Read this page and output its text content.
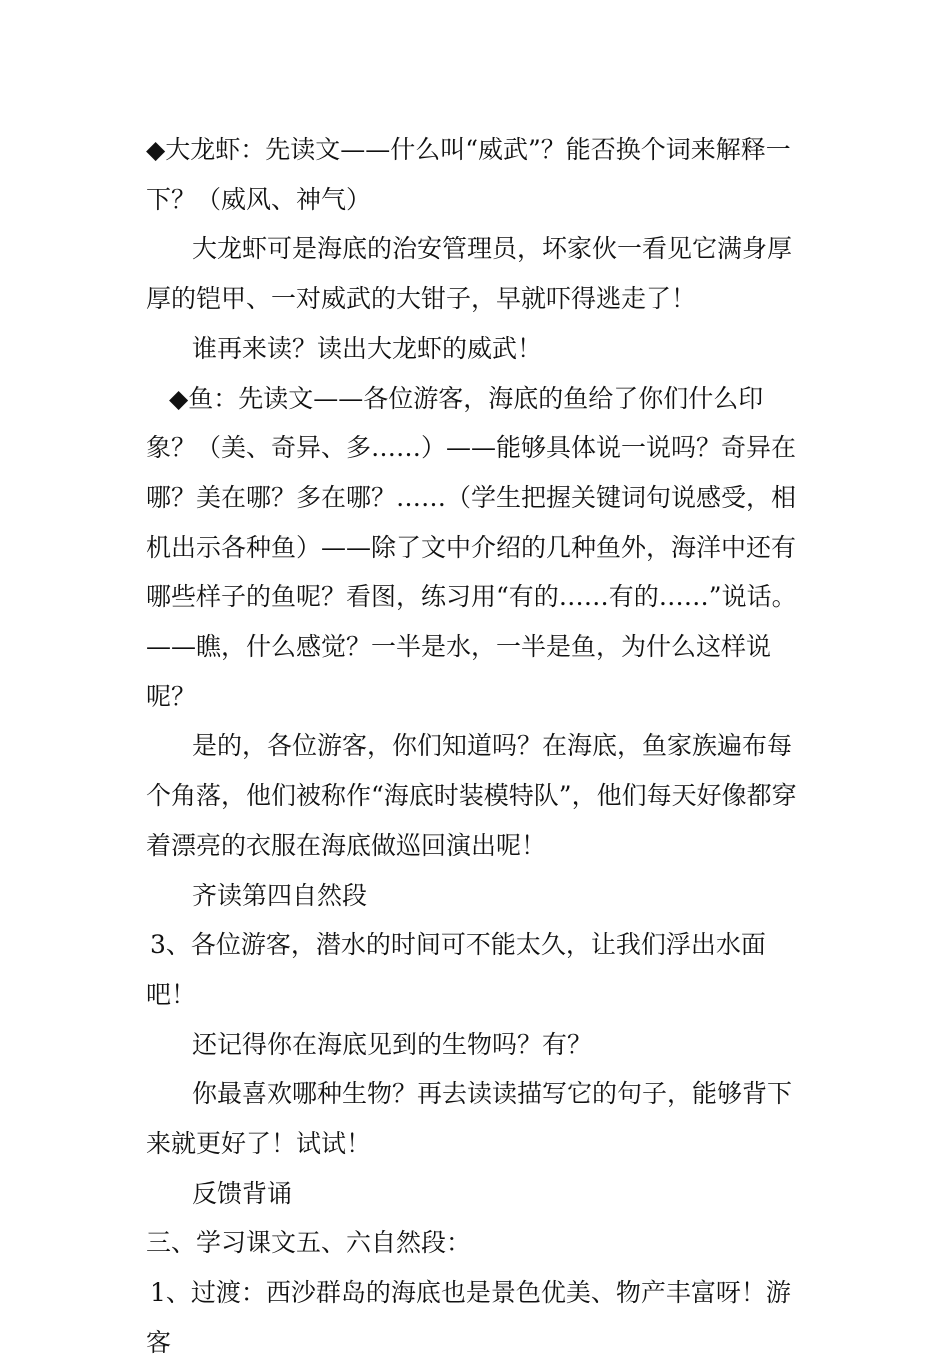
◆大龙虾：先读文——什么叫“威武”？能否换个词来解释一下？（威风、神气）

大龙虾可是海底的治安管理员，坏家伙一看见它满身厚厚的铠甲、一对威武的大钳子，早就吓得逃走了！

谁再来读？读出大龙虾的威武！

◆鱼：先读文——各位游客，海底的鱼给了你们什么印象？（美、奇异、多……）——能够具体说一说吗？奇异在哪？美在哪？多在哪？……（学生把握关键词句说感受，相机出示各种鱼）——除了文中介绍的几种鱼外，海洋中还有哪些样子的鱼呢？看图，练习用“有的……有的……”说话。——瞧，什么感觉？一半是水，一半是鱼，为什么这样说呢？

是的，各位游客，你们知道吗？在海底，鱼家族遍布每个角落，他们被称作“海底时装模特队”，他们每天好像都穿着漂亮的衣服在海底做巡回演出呢！

齐读第四自然段

3、各位游客，潜水的时间可不能太久，让我们浮出水面吧！

还记得你在海底见到的生物吗？有？

你最喜欢哪种生物？再去读读描写它的句子，能够背下来就更好了！试试！

反馈背诵

三、学习课文五、六自然段：

1、过渡：西沙群岛的海底也是景色优美、物产丰富呀！游客
